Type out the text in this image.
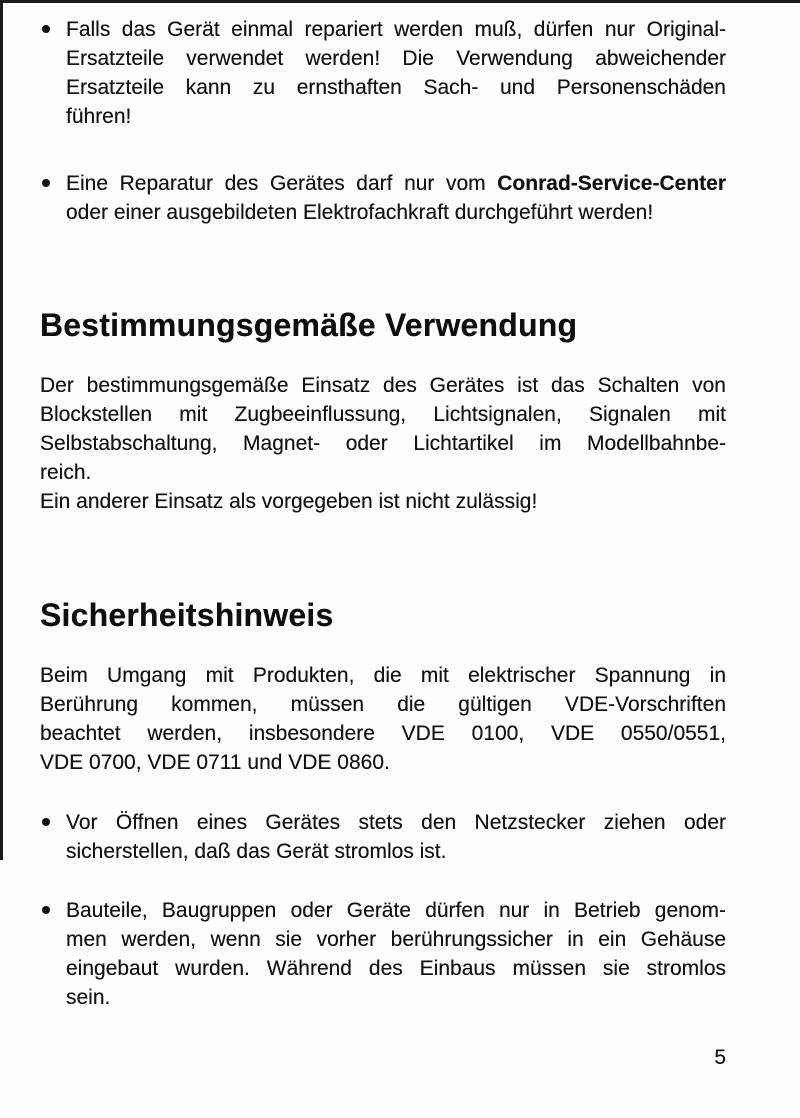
Falls das Gerät einmal repariert werden muß, dürfen nur Original-
Ersatzteile verwendet werden! Die Verwendung abweichender
Ersatzteile kann zu ernsthaften Sach- und Personenschäden
führen!
Eine Reparatur des Gerätes darf nur vom Conrad-Service-Center
oder einer ausgebildeten Elektrofachkraft durchgeführt werden!
Bestimmungsgemäße Verwendung
Der bestimmungsgemäße Einsatz des Gerätes ist das Schalten von
Blockstellen mit Zugbeeinflussung, Lichtsignalen, Signalen mit
Selbstabschaltung, Magnet- oder Lichtartikel im Modellbahnbe-
reich.
Ein anderer Einsatz als vorgegeben ist nicht zulässig!
Sicherheitshinweis
Beim Umgang mit Produkten, die mit elektrischer Spannung in
Berührung kommen, müssen die gültigen VDE-Vorschriften
beachtet werden, insbesondere VDE 0100, VDE 0550/0551,
VDE 0700, VDE 0711 und VDE 0860.
Vor Öffnen eines Gerätes stets den Netzstecker ziehen oder
sicherstellen, daß das Gerät stromlos ist.
Bauteile, Baugruppen oder Geräte dürfen nur in Betrieb genom-
men werden, wenn sie vorher berührungssicher in ein Gehäuse
eingebaut wurden. Während des Einbaus müssen sie stromlos
sein.
5
